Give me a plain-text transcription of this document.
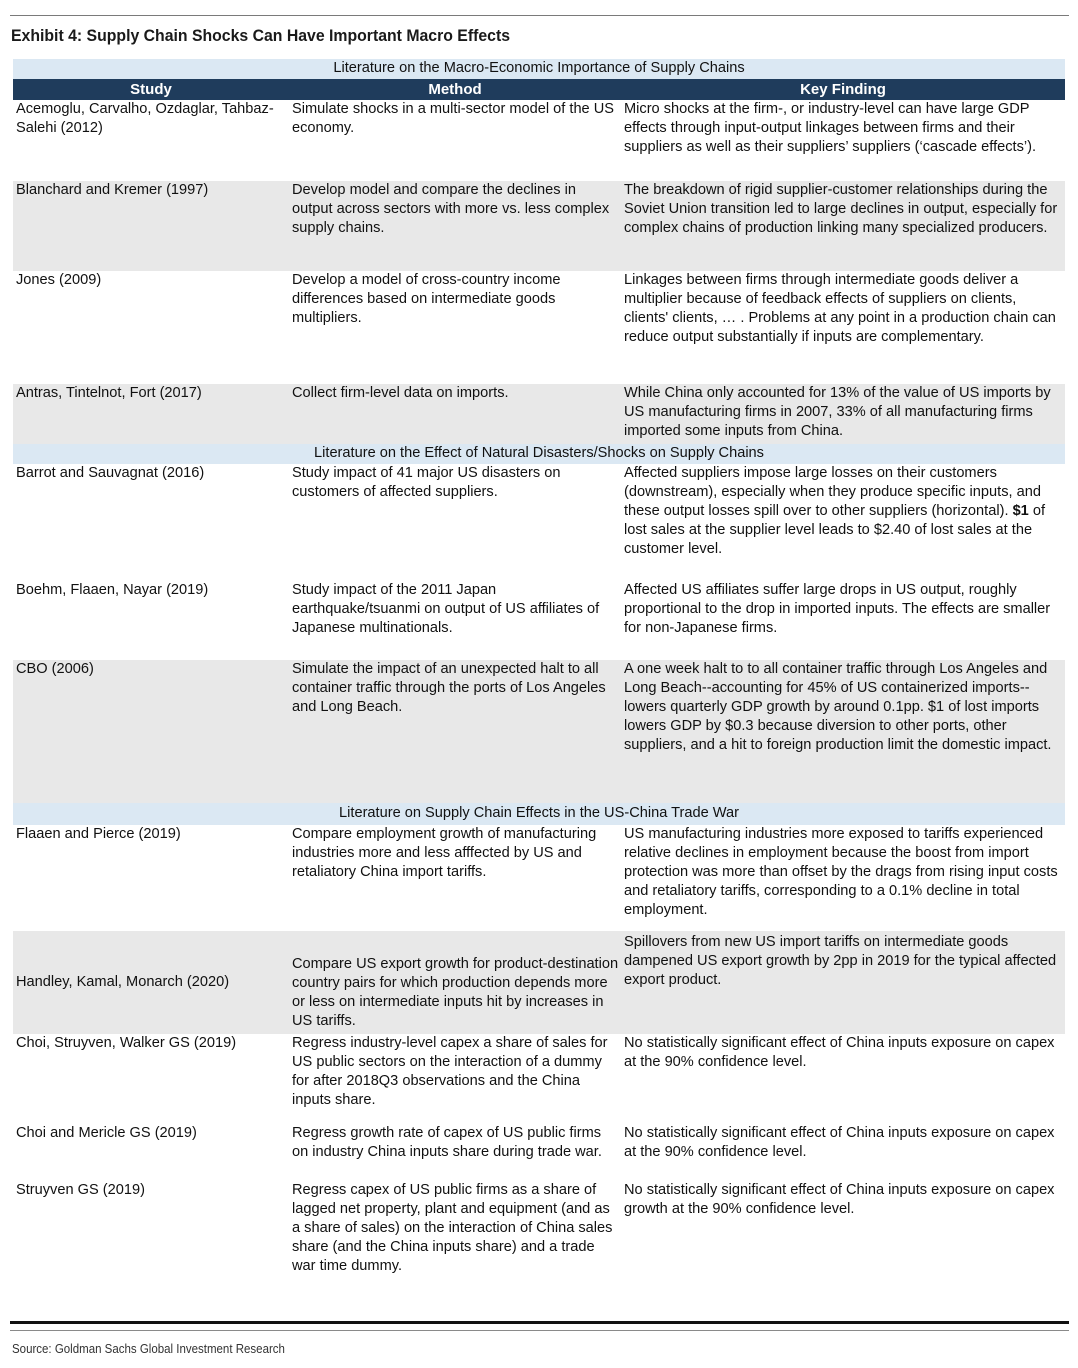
Exhibit 4: Supply Chain Shocks Can Have Important Macro Effects
Literature on the Macro-Economic Importance of Supply Chains		
Study	Method	Key Finding
Acemoglu, Carvalho, Ozdaglar, Tahbaz-Salehi (2012)	Simulate shocks in a multi-sector model of the US economy.	Micro shocks at the firm-, or industry-level can have large GDP effects through input-output linkages between firms and their suppliers as well as their suppliers’ suppliers (‘cascade effects’).
Blanchard and Kremer (1997)	Develop model and compare the declines in output across sectors with more vs. less complex supply chains.	The breakdown of rigid supplier-customer relationships during the Soviet Union transition led to large declines in output, especially for complex chains of production linking many specialized producers.
Jones (2009)	Develop a model of cross-country income differences based on intermediate goods multipliers.	Linkages between firms through intermediate goods deliver a multiplier because of feedback effects of suppliers on clients, clients' clients, … . Problems at any point in a production chain can reduce output substantially if inputs are complementary.
Antras, Tintelnot, Fort (2017)	Collect firm-level data on imports.	While China only accounted for 13% of the value of US imports by US manufacturing firms in 2007, 33% of all manufacturing firms imported some inputs from China.
Literature on the Effect of Natural Disasters/Shocks on Supply Chains		
Barrot and Sauvagnat (2016)	Study impact of 41 major US disasters on customers of affected suppliers.	Affected suppliers impose large losses on their customers (downstream), especially when they produce specific inputs, and these output losses spill over to other suppliers (horizontal). $1 of lost sales at the supplier level leads to $2.40 of lost sales at the customer level.
Boehm, Flaaen, Nayar (2019)	Study impact of the 2011 Japan earthquake/tsuanmi on output of US affiliates of Japanese multinationals.	Affected US affiliates suffer large drops in US output, roughly proportional to the drop in imported inputs. The effects are smaller for non-Japanese firms.
CBO (2006)	Simulate the impact of an unexpected halt to all container traffic through the ports of Los Angeles and Long Beach.	A one week halt to to all container traffic through Los Angeles and Long Beach--accounting for 45% of US containerized imports--lowers quarterly GDP growth by around 0.1pp. $1 of lost imports lowers GDP by $0.3 because diversion to other ports, other suppliers, and a hit to foreign production limit the domestic impact.
Literature on Supply Chain Effects in the US-China Trade War		
Flaaen and Pierce (2019)	Compare employment growth of manufacturing industries more and less afffected by US and retaliatory China import tariffs.	US manufacturing industries more exposed to tariffs experienced relative declines in employment because the boost from import protection was more than offset by the drags from rising input costs and retaliatory tariffs, corresponding to a 0.1% decline in total employment.
Handley, Kamal, Monarch (2020)	Compare US export growth for product-destination country pairs for which production depends more or less on intermediate inputs hit by increases in US tariffs.	Spillovers from new US import tariffs on intermediate goods dampened US export growth by 2pp in 2019 for the typical affected export product.
Choi, Struyven, Walker GS (2019)	Regress industry-level capex a share of sales for US public sectors on the interaction of a dummy for after 2018Q3 observations and the China inputs share.	No statistically significant effect of China inputs exposure on capex at the 90% confidence level.
Choi and Mericle GS (2019)	Regress growth rate of capex of US public firms on industry China inputs share during trade war.	No statistically significant effect of China inputs exposure on capex at the 90% confidence level.
Struyven GS (2019)	Regress capex of US public firms as a share of lagged net property, plant and equipment (and as a share of sales) on the interaction of China sales share (and the China inputs share) and a trade war time dummy.	No statistically significant effect of China inputs exposure on capex growth at the 90% confidence level.
Source: Goldman Sachs Global Investment Research
